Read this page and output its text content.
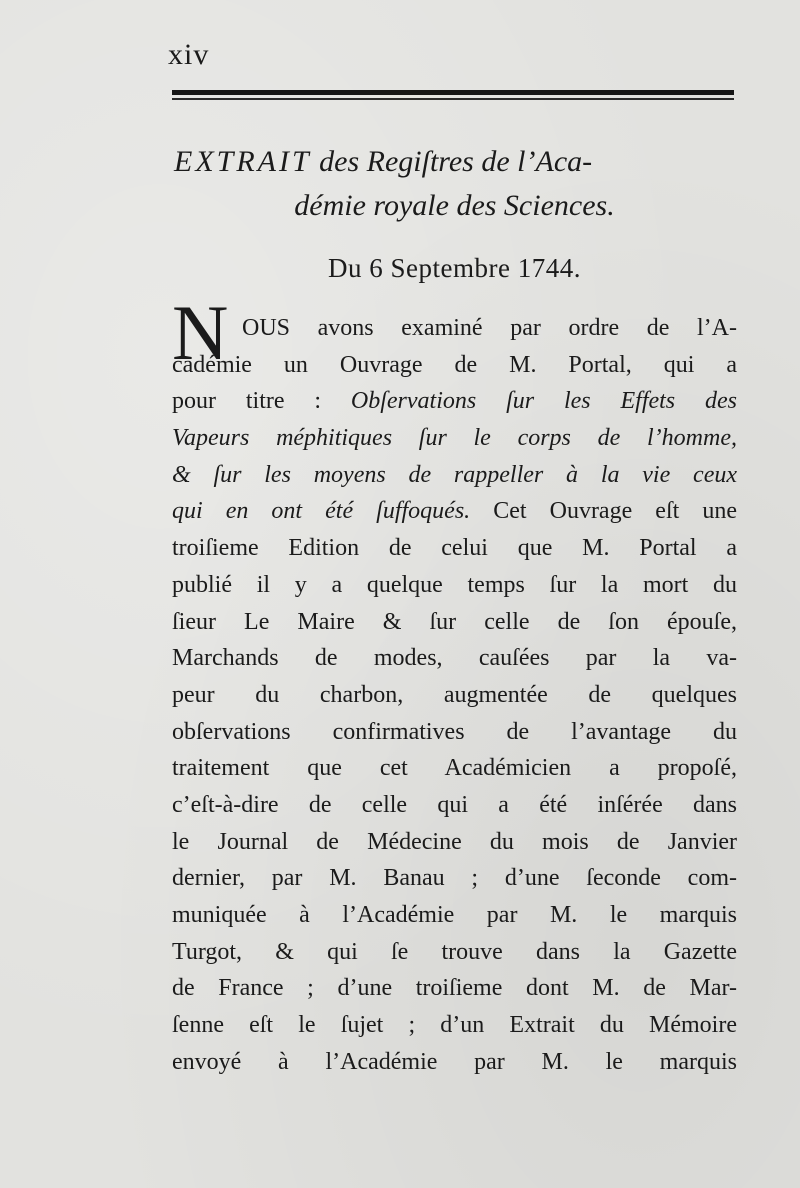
xiv
EXTRAIT des Regiſtres de l’Aca-
démie royale des Sciences.
Du 6 Septembre 1744.
N OUS avons examiné par ordre de l’A-
cadémie un Ouvrage de M. Portal, qui a
pour titre : Obſervations ſur les Effets des
Vapeurs méphitiques ſur le corps de l’homme,
& ſur les moyens de rappeller à la vie ceux
qui en ont été ſuffoqués. Cet Ouvrage eſt une
troiſieme Edition de celui que M. Portal a
publié il y a quelque temps ſur la mort du
ſieur Le Maire & ſur celle de ſon épouſe,
Marchands de modes, cauſées par la va-
peur du charbon, augmentée de quelques
obſervations confirmatives de l’avantage du
traitement que cet Académicien a propoſé,
c’eſt-à-dire de celle qui a été inſérée dans
le Journal de Médecine du mois de Janvier
dernier, par M. Banau ; d’une ſeconde com-
muniquée à l’Académie par M. le marquis
Turgot, & qui ſe trouve dans la Gazette
de France ; d’une troiſieme dont M. de Mar-
ſenne eſt le ſujet ; d’un Extrait du Mémoire
envoyé à l’Académie par M. le marquis
